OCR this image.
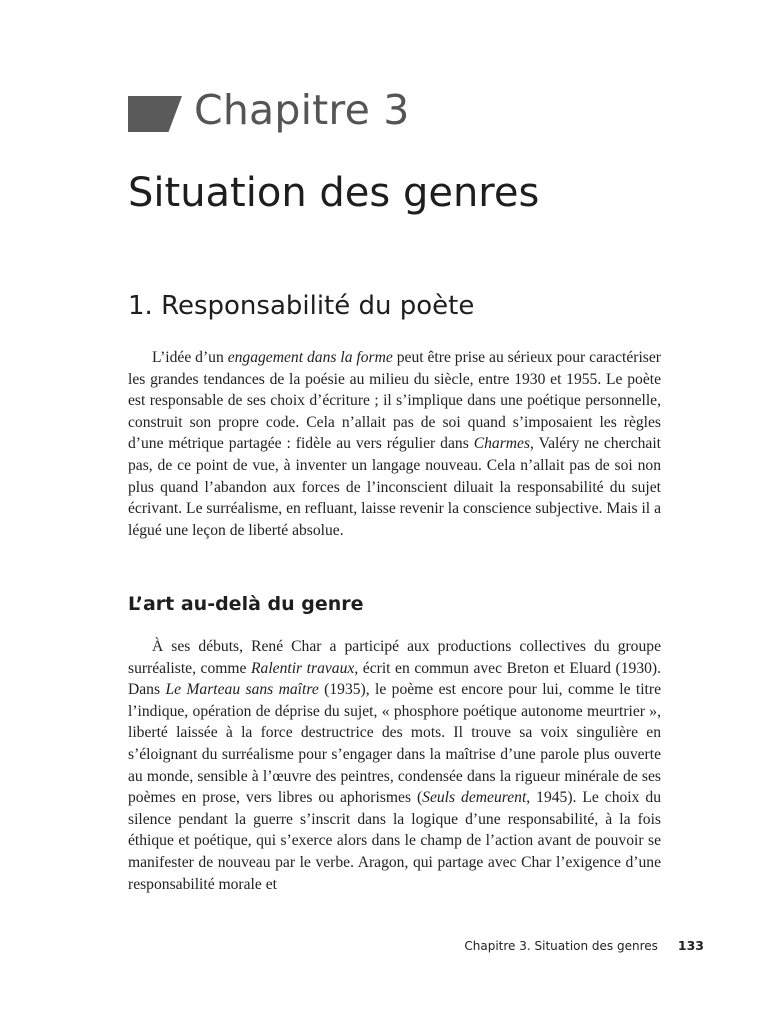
Chapitre 3
Situation des genres
1. Responsabilité du poète

L’idée d’un engagement dans la forme peut être prise au sérieux pour caractériser les grandes tendances de la poésie au milieu du siècle, entre 1930 et 1955. Le poète est responsable de ses choix d’écriture ; il s’implique dans une poétique personnelle, construit son propre code. Cela n’allait pas de soi quand s’imposaient les règles d’une métrique partagée : fidèle au vers régulier dans Charmes, Valéry ne cherchait pas, de ce point de vue, à inventer un langage nouveau. Cela n’allait pas de soi non plus quand l’abandon aux forces de l’inconscient diluait la responsabilité du sujet écrivant. Le surréalisme, en refluant, laisse revenir la conscience subjective. Mais il a légué une leçon de liberté absolue.

L’art au-delà du genre

À ses débuts, René Char a participé aux productions collectives du groupe surréaliste, comme Ralentir travaux, écrit en commun avec Breton et Eluard (1930). Dans Le Marteau sans maître (1935), le poème est encore pour lui, comme le titre l’indique, opération de déprise du sujet, « phosphore poétique autonome meurtrier », liberté laissée à la force destructrice des mots. Il trouve sa voix singulière en s’éloignant du surréalisme pour s’engager dans la maîtrise d’une parole plus ouverte au monde, sensible à l’œuvre des peintres, condensée dans la rigueur minérale de ses poèmes en prose, vers libres ou aphorismes (Seuls demeurent, 1945). Le choix du silence pendant la guerre s’inscrit dans la logique d’une responsabilité, à la fois éthique et poétique, qui s’exerce alors dans le champ de l’action avant de pouvoir se manifester de nouveau par le verbe. Aragon, qui partage avec Char l’exigence d’une responsabilité morale et

Chapitre 3. Situation des genres 133
